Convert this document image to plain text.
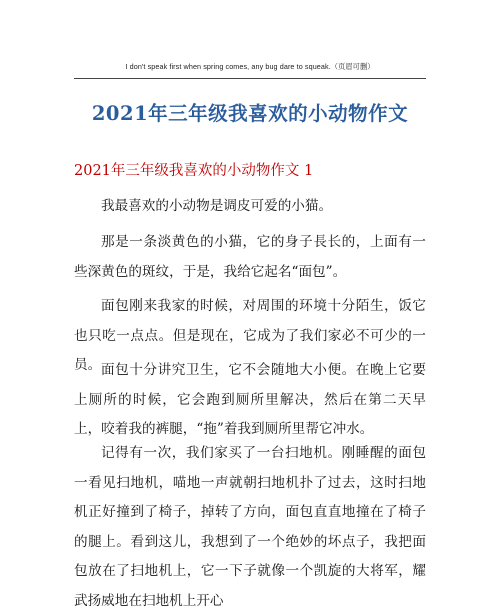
I don't speak first when spring comes, any bug dare to squeak.（页眉可删）
2021年三年级我喜欢的小动物作文
2021年三年级我喜欢的小动物作文 1
我最喜欢的小动物是调皮可爱的小猫。
那是一条淡黄色的小猫，它的身子長长的，上面有一些深黄色的斑纹，于是，我给它起名“面包”。
面包刚来我家的时候，对周围的环境十分陌生，饭它也只吃一点点。但是现在，它成为了我们家必不可少的一员。 面包十分讲究卫生，它不会随地大小便。在晚上它要上厕所的时候，它会跑到厕所里解决，然后在第二天早上，咬着我的裤腿，“拖”着我到厕所里帮它冲水。
记得有一次，我们家买了一台扫地机。刚睡醒的面包一看见扫地机，喵地一声就朝扫地机扑了过去，这时扫地机正好撞到了椅子，掉转了方向，面包直直地撞在了椅子的腿上。看到这儿，我想到了一个绝妙的坏点子，我把面包放在了扫地机上，它一下子就像一个凯旋的大将军，耀武扬威地在扫地机上开心
